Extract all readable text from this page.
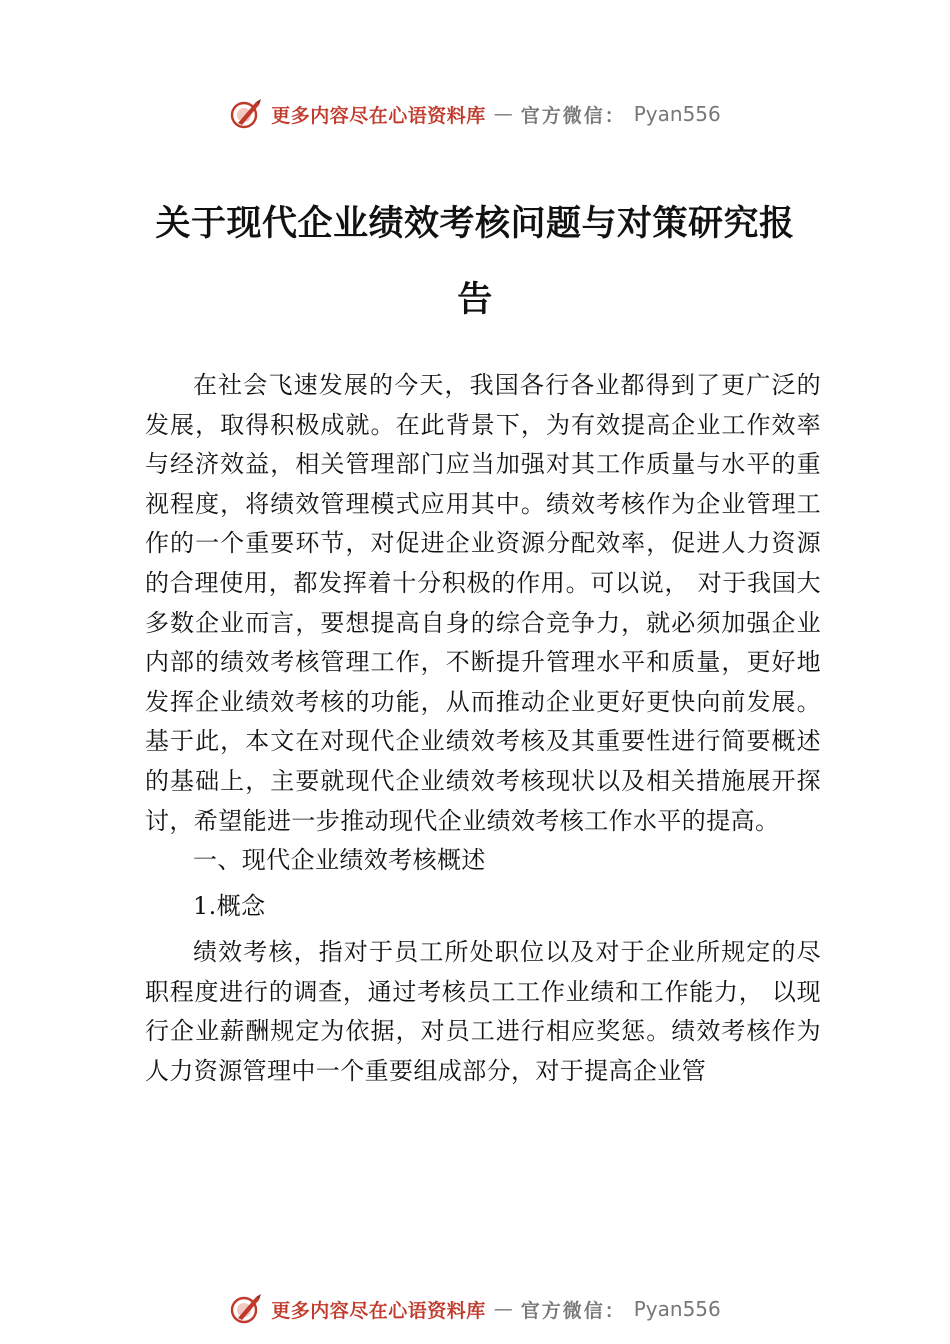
更多内容尽在心语资料库 — 官方微信： Pyan556
关于现代企业绩效考核问题与对策研究报告

在社会飞速发展的今天，我国各行各业都得到了更广泛的发展，取得积极成就。在此背景下，为有效提高企业工作效率与经济效益，相关管理部门应当加强对其工作质量与水平的重视程度，将绩效管理模式应用其中。绩效考核作为企业管理工作的一个重要环节，对促进企业资源分配效率，促进人力资源的合理使用，都发挥着十分积极的作用。可以说， 对于我国大多数企业而言，要想提高自身的综合竞争力，就必须加强企业内部的绩效考核管理工作，不断提升管理水平和质量，更好地发挥企业绩效考核的功能，从而推动企业更好更快向前发展。基于此，本文在对现代企业绩效考核及其重要性进行简要概述的基础上，主要就现代企业绩效考核现状以及相关措施展开探讨，希望能进一步推动现代企业绩效考核工作水平的提高。

一、现代企业绩效考核概述

1.概念

绩效考核，指对于员工所处职位以及对于企业所规定的尽职程度进行的调查，通过考核员工工作业绩和工作能力， 以现行企业薪酬规定为依据，对员工进行相应奖惩。绩效考核作为人力资源管理中一个重要组成部分，对于提高企业管

更多内容尽在心语资料库 — 官方微信： Pyan556
